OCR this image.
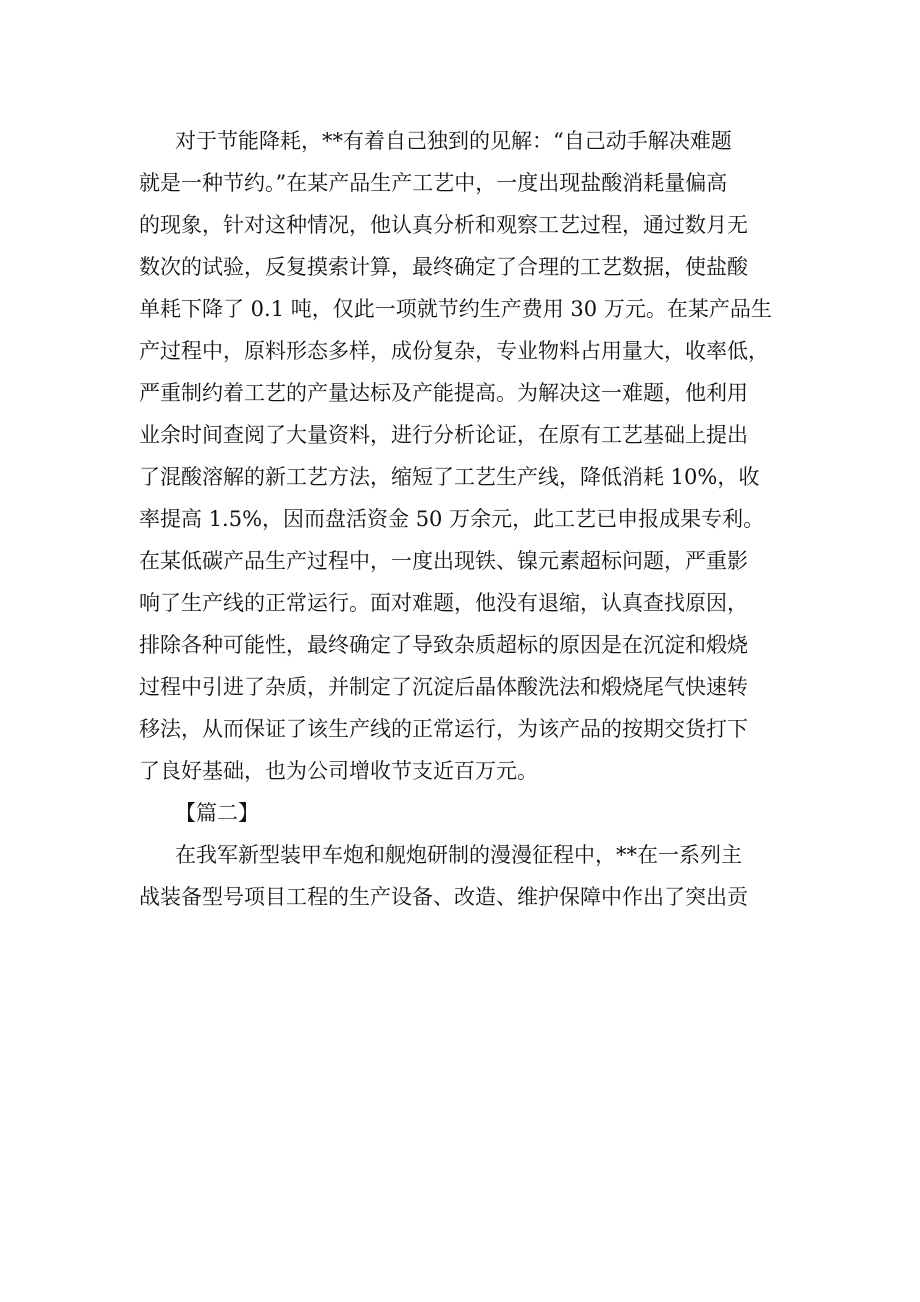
对于节能降耗，**有着自己独到的见解：“自己动手解决难题
就是一种节约。”在某产品生产工艺中，一度出现盐酸消耗量偏高
的现象，针对这种情况，他认真分析和观察工艺过程，通过数月无
数次的试验，反复摸索计算，最终确定了合理的工艺数据，使盐酸
单耗下降了 0.1 吨，仅此一项就节约生产费用 30 万元。在某产品生
产过程中，原料形态多样，成份复杂，专业物料占用量大，收率低，
严重制约着工艺的产量达标及产能提高。为解决这一难题，他利用
业余时间查阅了大量资料，进行分析论证，在原有工艺基础上提出
了混酸溶解的新工艺方法，缩短了工艺生产线，降低消耗 10%，收
率提高 1.5%，因而盘活资金 50 万余元，此工艺已申报成果专利。
在某低碳产品生产过程中，一度出现铁、镍元素超标问题，严重影
响了生产线的正常运行。面对难题，他没有退缩，认真查找原因，
排除各种可能性，最终确定了导致杂质超标的原因是在沉淀和煅烧
过程中引进了杂质，并制定了沉淀后晶体酸洗法和煅烧尾气快速转
移法，从而保证了该生产线的正常运行，为该产品的按期交货打下
了良好基础，也为公司增收节支近百万元。
【篇二】
在我军新型装甲车炮和舰炮研制的漫漫征程中，**在一系列主
战装备型号项目工程的生产设备、改造、维护保障中作出了突出贡
